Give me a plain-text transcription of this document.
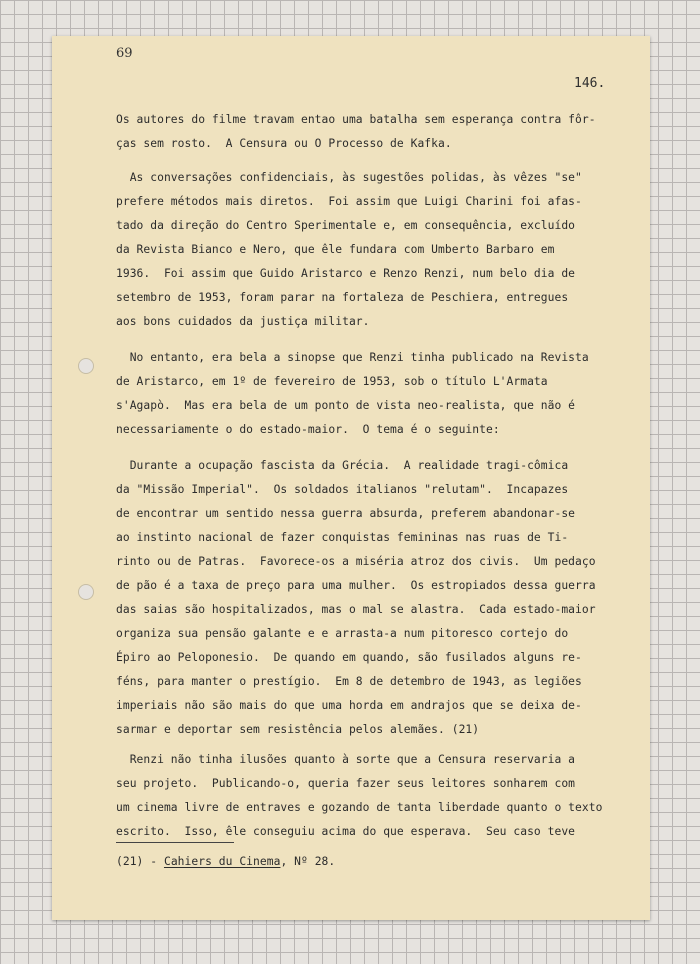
69
146.
Os autores do filme travam entao uma batalha sem esperança contra fôr-
ças sem rosto.  A Censura ou O Processo de Kafka.
As conversações confidenciais, às sugestões polidas, às vêzes "se"
prefere métodos mais diretos.  Foi assim que Luigi Charini foi afas-
tado da direção do Centro Sperimentale e, em consequência, excluído
da Revista Bianco e Nero, que êle fundara com Umberto Barbaro em
1936.  Foi assim que Guido Aristarco e Renzo Renzi, num belo dia de
setembro de 1953, foram parar na fortaleza de Peschiera, entregues
aos bons cuidados da justiça militar.
No entanto, era bela a sinopse que Renzi tinha publicado na Revista
de Aristarco, em 1º de fevereiro de 1953, sob o título L'Armata
s'Agapò.  Mas era bela de um ponto de vista neo-realista, que não é
necessariamente o do estado-maior.  O tema é o seguinte:
Durante a ocupação fascista da Grécia.  A realidade tragi-cômica
da "Missão Imperial".  Os soldados italianos "relutam".  Incapazes
de encontrar um sentido nessa guerra absurda, preferem abandonar-se
ao instinto nacional de fazer conquistas femininas nas ruas de Ti-
rinto ou de Patras.  Favorece-os a miséria atroz dos civis.  Um pedaço
de pão é a taxa de preço para uma mulher.  Os estropiados dessa guerra
das saias são hospitalizados, mas o mal se alastra.  Cada estado-maior
organiza sua pensão galante e e arrasta-a num pitoresco cortejo do
Épiro ao Peloponesio.  De quando em quando, são fusilados alguns re-
féns, para manter o prestígio.  Em 8 de detembro de 1943, as legiões
imperiais não são mais do que uma horda em andrajos que se deixa de-
sarmar e deportar sem resistência pelos alemães. (21)
Renzi não tinha ilusões quanto à sorte que a Censura reservaria a
seu projeto.  Publicando-o, queria fazer seus leitores sonharem com
um cinema livre de entraves e gozando de tanta liberdade quanto o texto
escrito.  Isso, êle conseguiu acima do que esperava.  Seu caso teve
(21) - Cahiers du Cinema, Nº 28.
